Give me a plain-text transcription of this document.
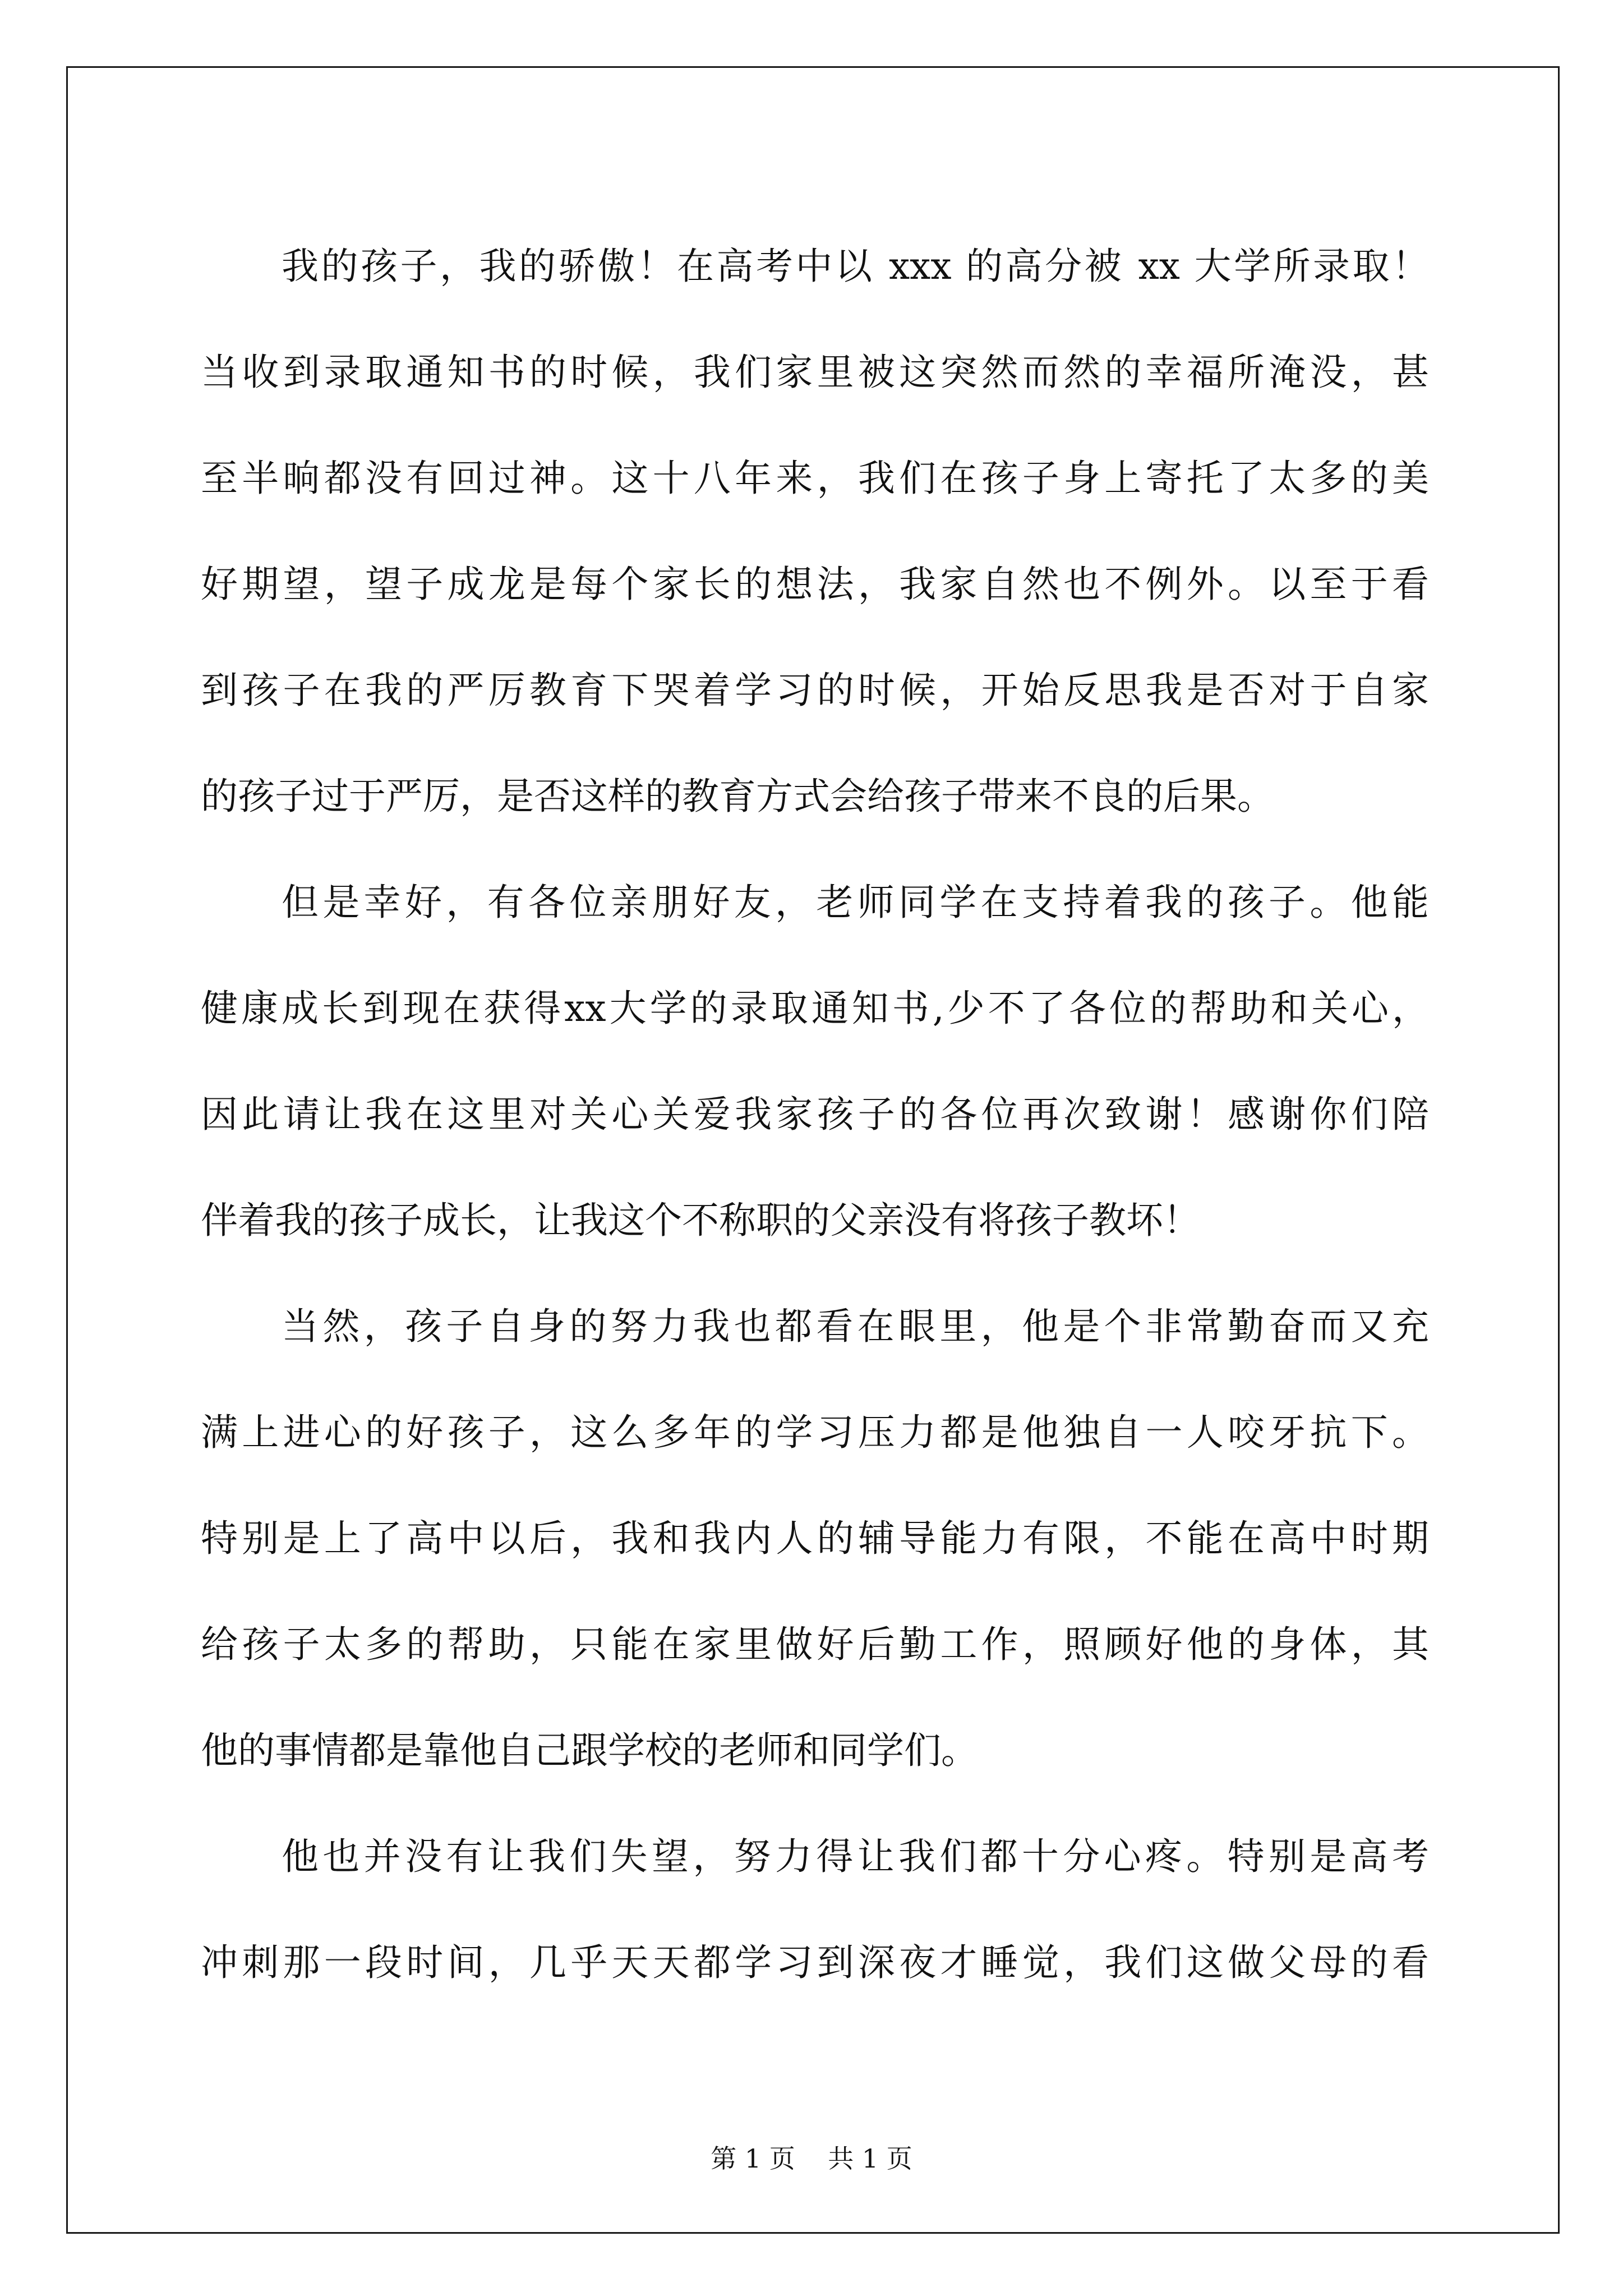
我的孩子，我的骄傲！在高考中以 xxx 的高分被 xx 大学所录取！
当收到录取通知书的时候，我们家里被这突然而然的幸福所淹没，甚
至半晌都没有回过神。这十八年来，我们在孩子身上寄托了太多的美
好期望，望子成龙是每个家长的想法，我家自然也不例外。以至于看
到孩子在我的严厉教育下哭着学习的时候，开始反思我是否对于自家
的孩子过于严厉，是否这样的教育方式会给孩子带来不良的后果。
但是幸好，有各位亲朋好友，老师同学在支持着我的孩子。他能
健康成长到现在获得xx大学的录取通知书,少不了各位的帮助和关心，
因此请让我在这里对关心关爱我家孩子的各位再次致谢！感谢你们陪
伴着我的孩子成长，让我这个不称职的父亲没有将孩子教坏！
当然，孩子自身的努力我也都看在眼里，他是个非常勤奋而又充
满上进心的好孩子，这么多年的学习压力都是他独自一人咬牙抗下。
特别是上了高中以后，我和我内人的辅导能力有限，不能在高中时期
给孩子太多的帮助，只能在家里做好后勤工作，照顾好他的身体，其
他的事情都是靠他自己跟学校的老师和同学们。
他也并没有让我们失望，努力得让我们都十分心疼。特别是高考
冲刺那一段时间，几乎天天都学习到深夜才睡觉，我们这做父母的看
第 1 页    共 1 页
